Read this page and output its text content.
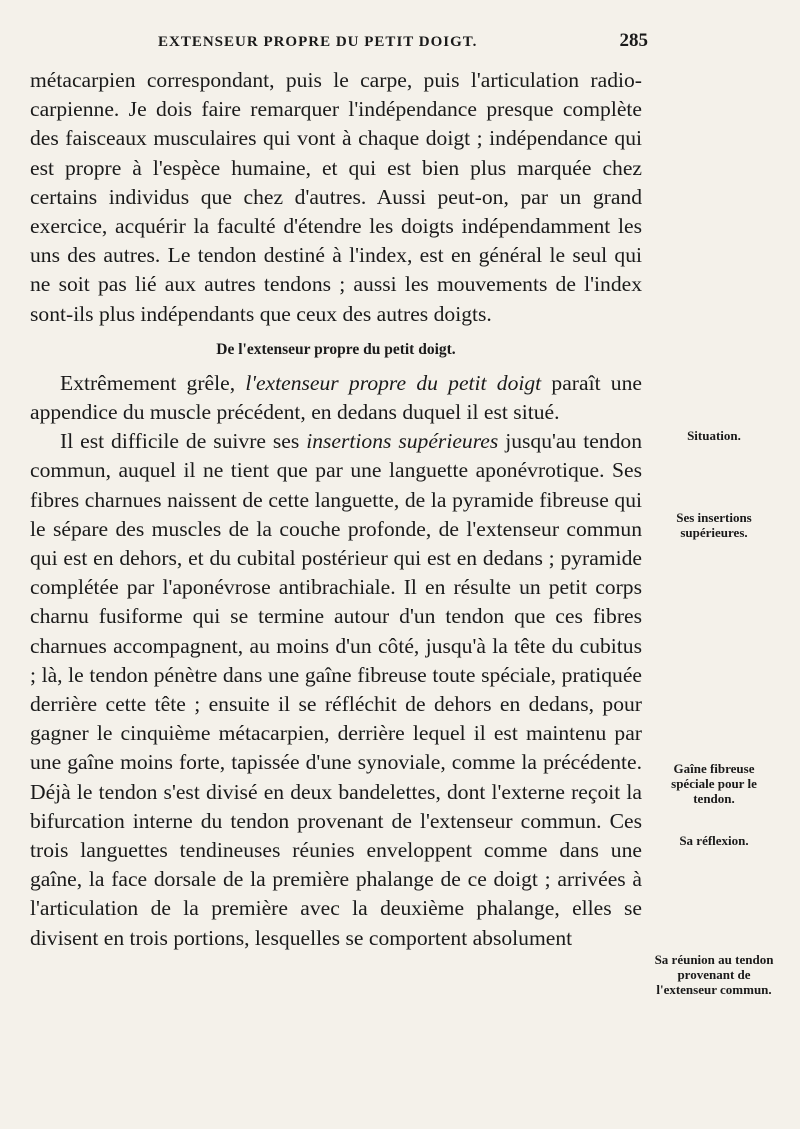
EXTENSEUR PROPRE DU PETIT DOIGT.	285

métacarpien correspondant, puis le carpe, puis l'articulation radio-carpienne. Je dois faire remarquer l'indépendance presque complète des faisceaux musculaires qui vont à chaque doigt ; indépendance qui est propre à l'espèce humaine, et qui est bien plus marquée chez certains individus que chez d'autres. Aussi peut-on, par un grand exercice, acquérir la faculté d'étendre les doigts indépendamment les uns des autres. Le tendon destiné à l'index, est en général le seul qui ne soit pas lié aux autres tendons ; aussi les mouvements de l'index sont-ils plus indépendants que ceux des autres doigts.

De l'extenseur propre du petit doigt.

Extrêmement grêle, l'extenseur propre du petit doigt paraît une appendice du muscle précédent, en dedans duquel il est situé.

Il est difficile de suivre ses insertions supérieures jusqu'au tendon commun, auquel il ne tient que par une languette aponévrotique. Ses fibres charnues naissent de cette languette, de la pyramide fibreuse qui le sépare des muscles de la couche profonde, de l'extenseur commun qui est en dehors, et du cubital postérieur qui est en dedans ; pyramide complétée par l'aponévrose antibrachiale. Il en résulte un petit corps charnu fusiforme qui se termine autour d'un tendon que ces fibres charnues accompagnent, au moins d'un côté, jusqu'à la tête du cubitus ; là, le tendon pénètre dans une gaîne fibreuse toute spéciale, pratiquée derrière cette tête ; ensuite il se réfléchit de dehors en dedans, pour gagner le cinquième métacarpien, derrière lequel il est maintenu par une gaîne moins forte, tapissée d'une synoviale, comme la précédente. Déjà le tendon s'est divisé en deux bandelettes, dont l'externe reçoit la bifurcation interne du tendon provenant de l'extenseur commun. Ces trois languettes tendineuses réunies enveloppent comme dans une gaîne, la face dorsale de la première phalange de ce doigt ; arrivées à l'articulation de la première avec la deuxième phalange, elles se divisent en trois portions, lesquelles se comportent absolument

Situation.
Ses insertions supérieures.
Gaîne fibreuse spéciale pour le tendon.
Sa réflexion.
Sa réunion au tendon provenant de l'extenseur commun.
